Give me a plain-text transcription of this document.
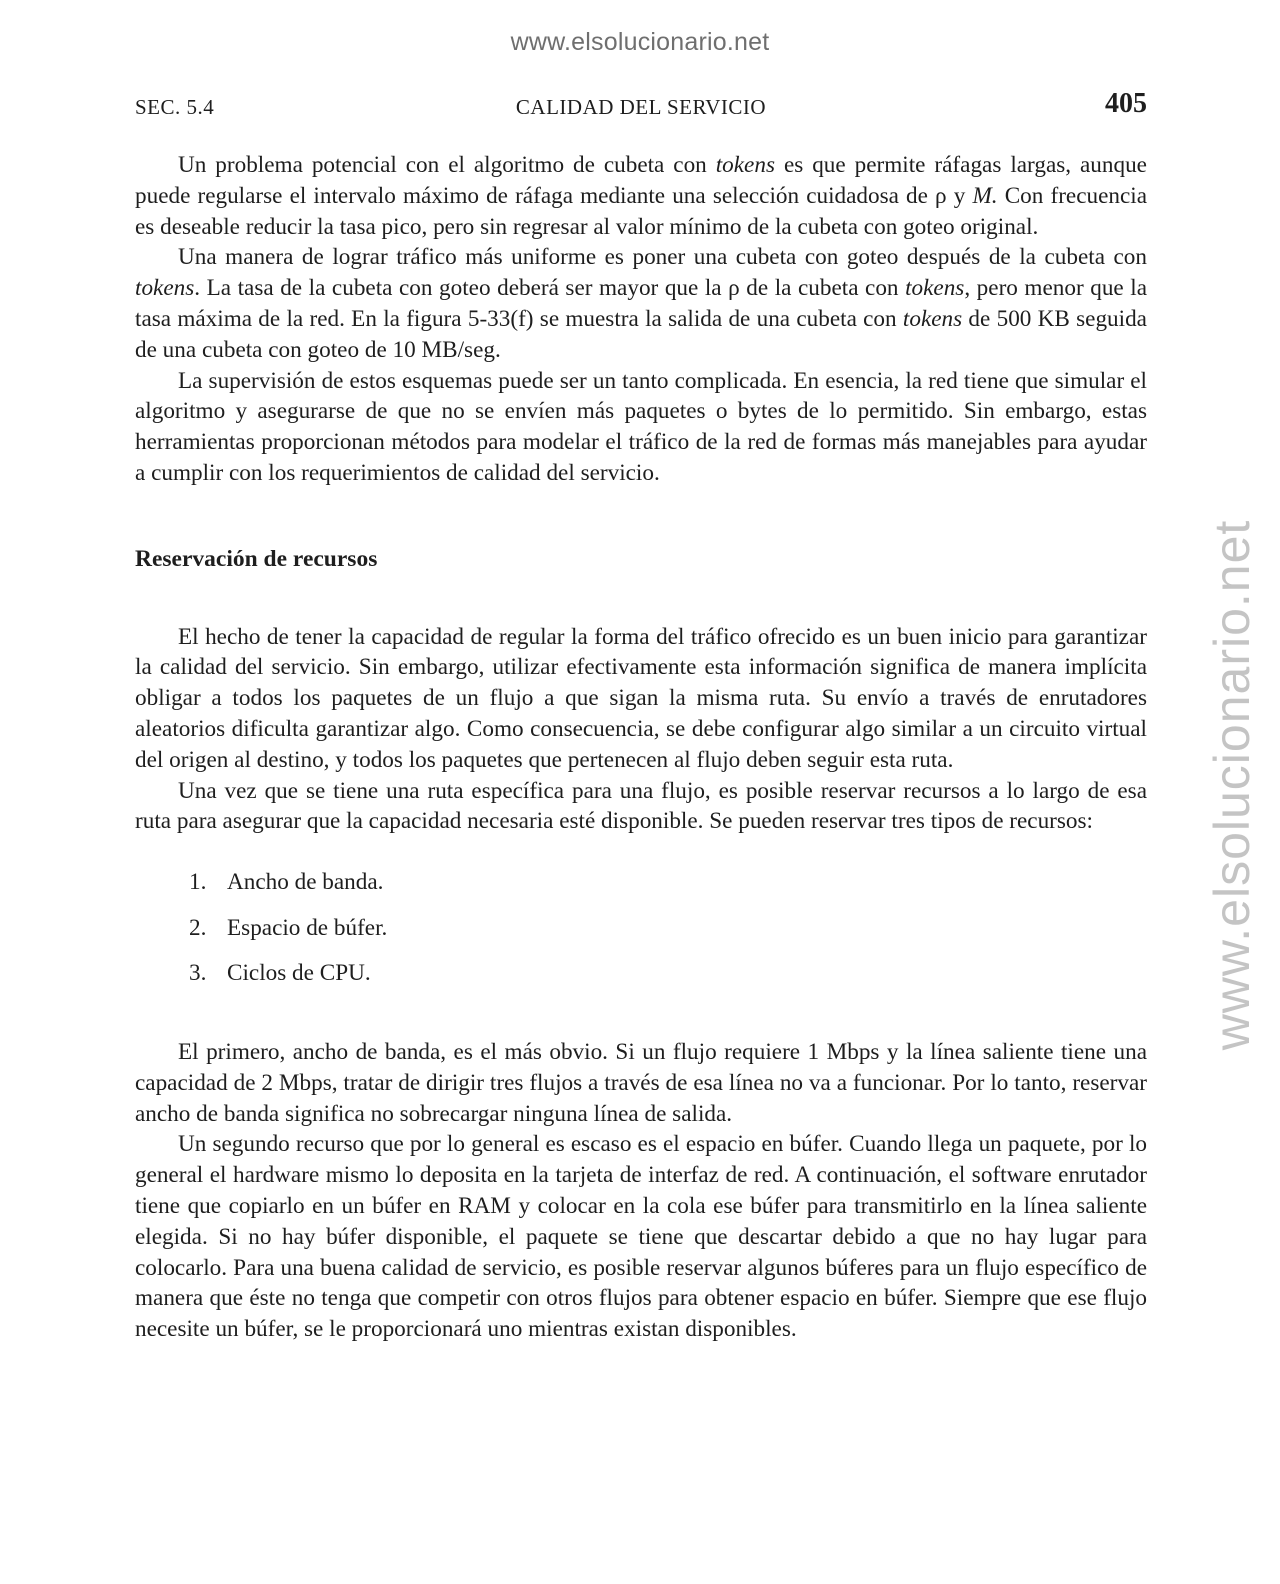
www.elsolucionario.net
www.elsolucionario.net
SEC. 5.4	CALIDAD DEL SERVICIO	405

Un problema potencial con el algoritmo de cubeta con tokens es que permite ráfagas largas, aunque puede regularse el intervalo máximo de ráfaga mediante una selección cuidadosa de ρ y M. Con frecuencia es deseable reducir la tasa pico, pero sin regresar al valor mínimo de la cubeta con goteo original.

Una manera de lograr tráfico más uniforme es poner una cubeta con goteo después de la cubeta con tokens. La tasa de la cubeta con goteo deberá ser mayor que la ρ de la cubeta con tokens, pero menor que la tasa máxima de la red. En la figura 5-33(f) se muestra la salida de una cubeta con tokens de 500 KB seguida de una cubeta con goteo de 10 MB/seg.

La supervisión de estos esquemas puede ser un tanto complicada. En esencia, la red tiene que simular el algoritmo y asegurarse de que no se envíen más paquetes o bytes de lo permitido. Sin embargo, estas herramientas proporcionan métodos para modelar el tráfico de la red de formas más manejables para ayudar a cumplir con los requerimientos de calidad del servicio.

Reservación de recursos

El hecho de tener la capacidad de regular la forma del tráfico ofrecido es un buen inicio para garantizar la calidad del servicio. Sin embargo, utilizar efectivamente esta información significa de manera implícita obligar a todos los paquetes de un flujo a que sigan la misma ruta. Su envío a través de enrutadores aleatorios dificulta garantizar algo. Como consecuencia, se debe configurar algo similar a un circuito virtual del origen al destino, y todos los paquetes que pertenecen al flujo deben seguir esta ruta.

Una vez que se tiene una ruta específica para una flujo, es posible reservar recursos a lo largo de esa ruta para asegurar que la capacidad necesaria esté disponible. Se pueden reservar tres tipos de recursos:

1. Ancho de banda.
2. Espacio de búfer.
3. Ciclos de CPU.

El primero, ancho de banda, es el más obvio. Si un flujo requiere 1 Mbps y la línea saliente tiene una capacidad de 2 Mbps, tratar de dirigir tres flujos a través de esa línea no va a funcionar. Por lo tanto, reservar ancho de banda significa no sobrecargar ninguna línea de salida.

Un segundo recurso que por lo general es escaso es el espacio en búfer. Cuando llega un paquete, por lo general el hardware mismo lo deposita en la tarjeta de interfaz de red. A continuación, el software enrutador tiene que copiarlo en un búfer en RAM y colocar en la cola ese búfer para transmitirlo en la línea saliente elegida. Si no hay búfer disponible, el paquete se tiene que descartar debido a que no hay lugar para colocarlo. Para una buena calidad de servicio, es posible reservar algunos búferes para un flujo específico de manera que éste no tenga que competir con otros flujos para obtener espacio en búfer. Siempre que ese flujo necesite un búfer, se le proporcionará uno mientras existan disponibles.
